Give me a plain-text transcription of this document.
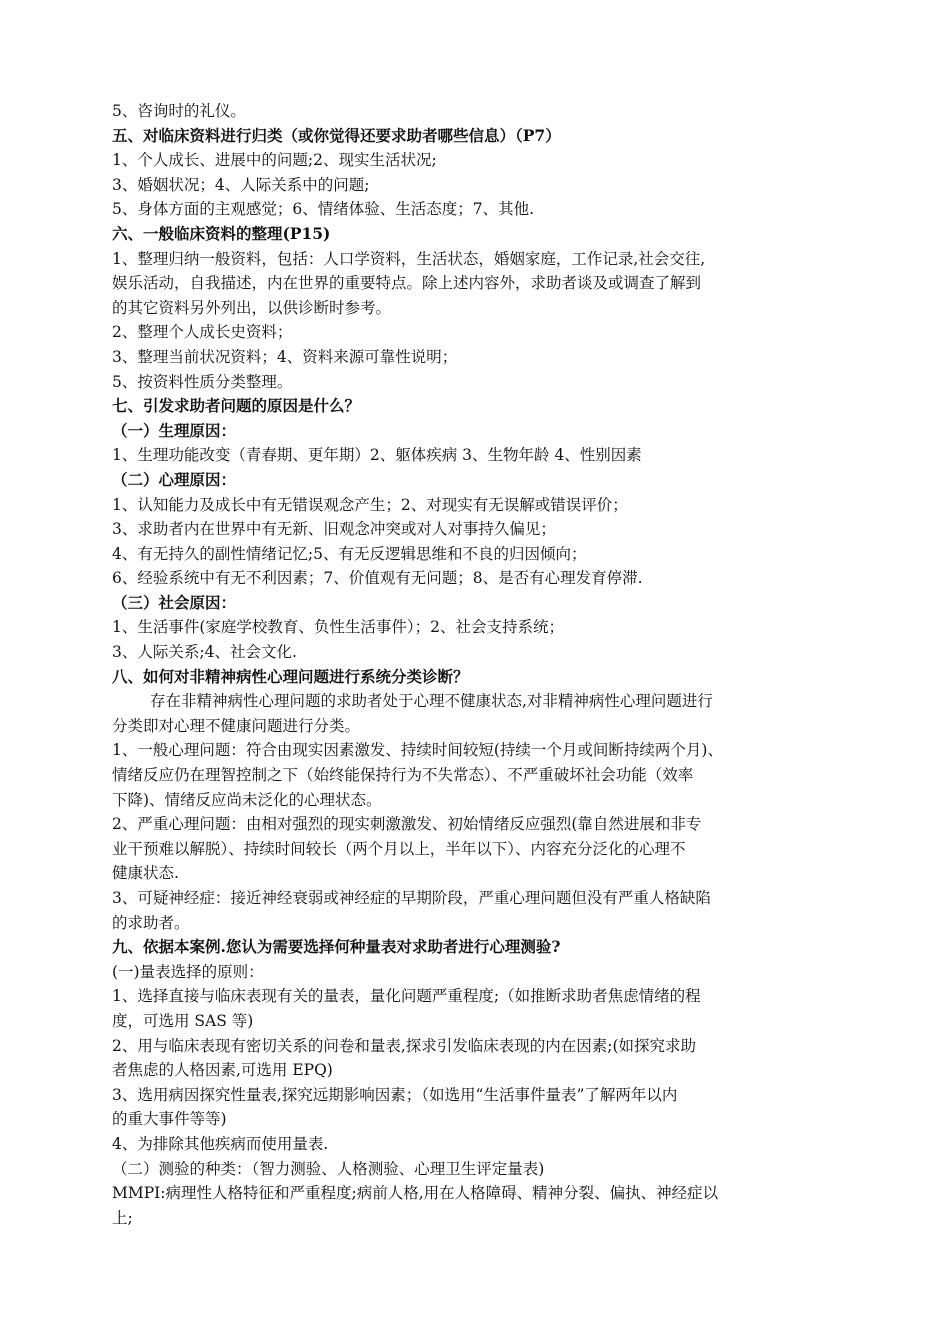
5、咨询时的礼仪。
五、对临床资料进行归类（或你觉得还要求助者哪些信息）（P7）
1、个人成长、进展中的问题;2、现实生活状况;
3、婚姻状况；4、人际关系中的问题;
5、身体方面的主观感觉；6、情绪体验、生活态度；7、其他.
六、一般临床资料的整理(P15)
1、整理归纳一般资料，包括：人口学资料，生活状态，婚姻家庭，工作记录,社会交往,
娱乐活动，自我描述，内在世界的重要特点。除上述内容外，求助者谈及或调查了解到
的其它资料另外列出，以供诊断时参考。
2、整理个人成长史资料；
3、整理当前状况资料；4、资料来源可靠性说明；
5、按资料性质分类整理。
七、引发求助者问题的原因是什么？
（一）生理原因：
1、生理功能改变（青春期、更年期）2、躯体疾病 3、生物年龄 4、性别因素
（二）心理原因：
1、认知能力及成长中有无错误观念产生；2、对现实有无误解或错误评价；
3、求助者内在世界中有无新、旧观念冲突或对人对事持久偏见；
4、有无持久的副性情绪记忆;5、有无反逻辑思维和不良的归因倾向；
6、经验系统中有无不利因素；7、价值观有无问题；8、是否有心理发育停滞.
（三）社会原因：
1、生活事件(家庭学校教育、负性生活事件）；2、社会支持系统；
3、人际关系;4、社会文化.
八、如何对非精神病性心理问题进行系统分类诊断？
存在非精神病性心理问题的求助者处于心理不健康状态,对非精神病性心理问题进行
分类即对心理不健康问题进行分类。
1、一般心理问题：符合由现实因素激发、持续时间较短(持续一个月或间断持续两个月)、
情绪反应仍在理智控制之下（始终能保持行为不失常态）、不严重破坏社会功能（效率
下降)、情绪反应尚未泛化的心理状态。
2、严重心理问题：由相对强烈的现实刺激激发、初始情绪反应强烈(靠自然进展和非专
业干预难以解脱）、持续时间较长（两个月以上，半年以下）、内容充分泛化的心理不
健康状态.
3、可疑神经症：接近神经衰弱或神经症的早期阶段，严重心理问题但没有严重人格缺陷
的求助者。
九、依据本案例.您认为需要选择何种量表对求助者进行心理测验?
(一)量表选择的原则：
1、选择直接与临床表现有关的量表，量化问题严重程度;（如推断求助者焦虑情绪的程
度，可选用 SAS 等)
2、用与临床表现有密切关系的问卷和量表,探求引发临床表现的内在因素;(如探究求助
者焦虑的人格因素,可选用 EPQ)
3、选用病因探究性量表,探究远期影响因素；（如选用“生活事件量表”了解两年以内
的重大事件等等)
4、为排除其他疾病而使用量表.
（二）测验的种类：（智力测验、人格测验、心理卫生评定量表)
MMPI:病理性人格特征和严重程度;病前人格,用在人格障碍、精神分裂、偏执、神经症以
上;
